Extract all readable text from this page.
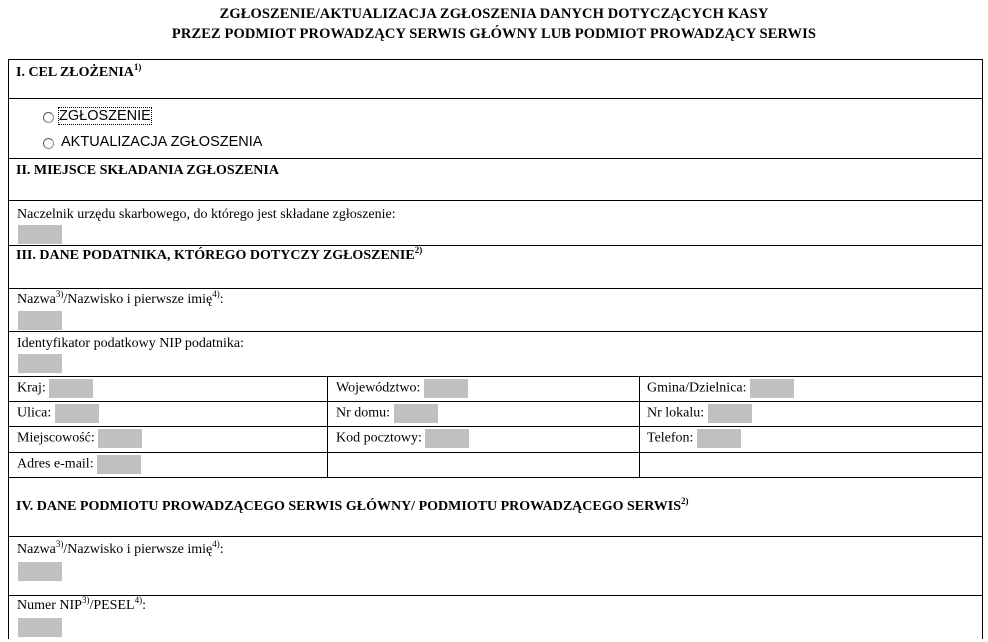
ZGŁOSZENIE/AKTUALIZACJA ZGŁOSZENIA DANYCH DOTYCZĄCYCH KASY
PRZEZ PODMIOT PROWADZĄCY SERWIS GŁÓWNY LUB PODMIOT PROWADZĄCY SERWIS
I. CEL ZŁOŻENIA$^{1)}$
ZGŁOSZENIE
AKTUALIZACJA ZGŁOSZENIA
II. MIEJSCE SKŁADANIA ZGŁOSZENIA
Naczelnik urzędu skarbowego, do którego jest składane zgłoszenie:
III. DANE PODATNIKA, KTÓREGO DOTYCZY ZGŁOSZENIE$^{2)}$
Nazwa$^{3)}$/Nazwisko i pierwsze imię$^{4)}$:
Identyfikator podatkowy NIP podatnika:
Kraj:	Województwo:	Gmina/Dzielnica:
Ulica:	Nr domu:	Nr lokalu:
Miejscowość:	Kod pocztowy:	Telefon:
Adres e-mail:
IV. DANE PODMIOTU PROWADZĄCEGO SERWIS GŁÓWNY/ PODMIOTU PROWADZĄCEGO SERWIS$^{2)}$
Nazwa$^{3)}$/Nazwisko i pierwsze imię$^{4)}$:
Numer NIP$^{3)}$/PESEL$^{4)}$:
